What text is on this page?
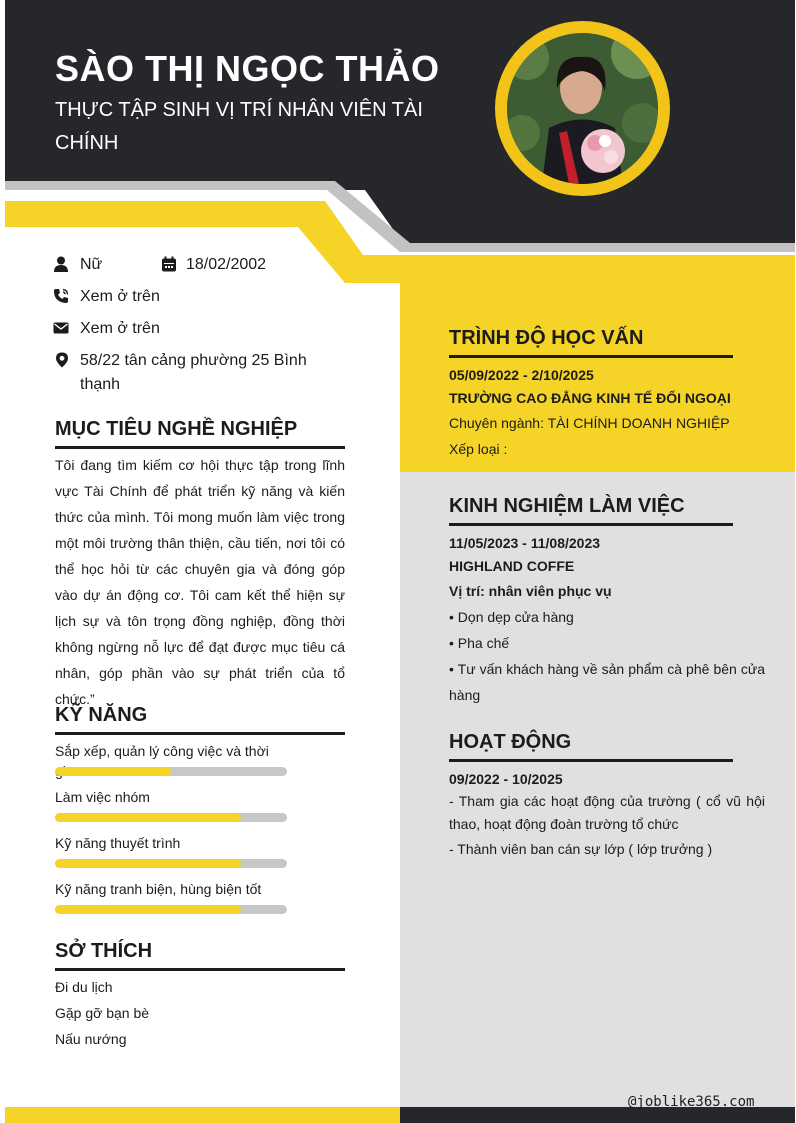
SÀO THỊ NGỌC THẢO
THỰC TẬP SINH VỊ TRÍ NHÂN VIÊN TÀI CHÍNH
Nữ	18/02/2002
Xem ở trên
Xem ở trên
58/22 tân cảng phường 25 Bình thạnh
MỤC TIÊU NGHỀ NGHIỆP
Tôi đang tìm kiếm cơ hội thực tập trong lĩnh vực Tài Chính để phát triển kỹ năng và kiến thức của mình. Tôi mong muốn làm việc trong một môi trường thân thiện, cầu tiến, nơi tôi có thể học hỏi từ các chuyên gia và đóng góp vào dự án động cơ. Tôi cam kết thể hiện sự lịch sự và tôn trọng đồng nghiệp, đồng thời không ngừng nỗ lực để đạt được mục tiêu cá nhân, góp phần vào sự phát triển của tổ chức.”
KỸ NĂNG
Sắp xếp, quản lý công việc và thời
Làm việc nhóm
Kỹ năng thuyết trình
Kỹ năng tranh biện, hùng biện tốt
SỞ THÍCH
Đi du lịch
Gặp gỡ bạn bè
Nấu nướng
TRÌNH ĐỘ HỌC VẤN
05/09/2022 - 2/10/2025
TRƯỜNG CAO ĐẲNG KINH TẾ ĐỐI NGOẠI
Chuyên ngành: TÀI CHÍNH DOANH NGHIỆP
Xếp loại :
KINH NGHIỆM LÀM VIỆC
11/05/2023 - 11/08/2023
HIGHLAND COFFE
Vị trí: nhân viên phục vụ
• Dọn dẹp cửa hàng
• Pha chế
• Tư vấn khách hàng về sản phẩm cà phê bên cửa hàng
HOẠT ĐỘNG
09/2022 - 10/2025
- Tham gia các hoạt động của trường ( cổ vũ hội thao, hoạt động đoàn trường tổ chức
- Thành viên ban cán sự lớp ( lớp trưởng )
@joblike365.com
